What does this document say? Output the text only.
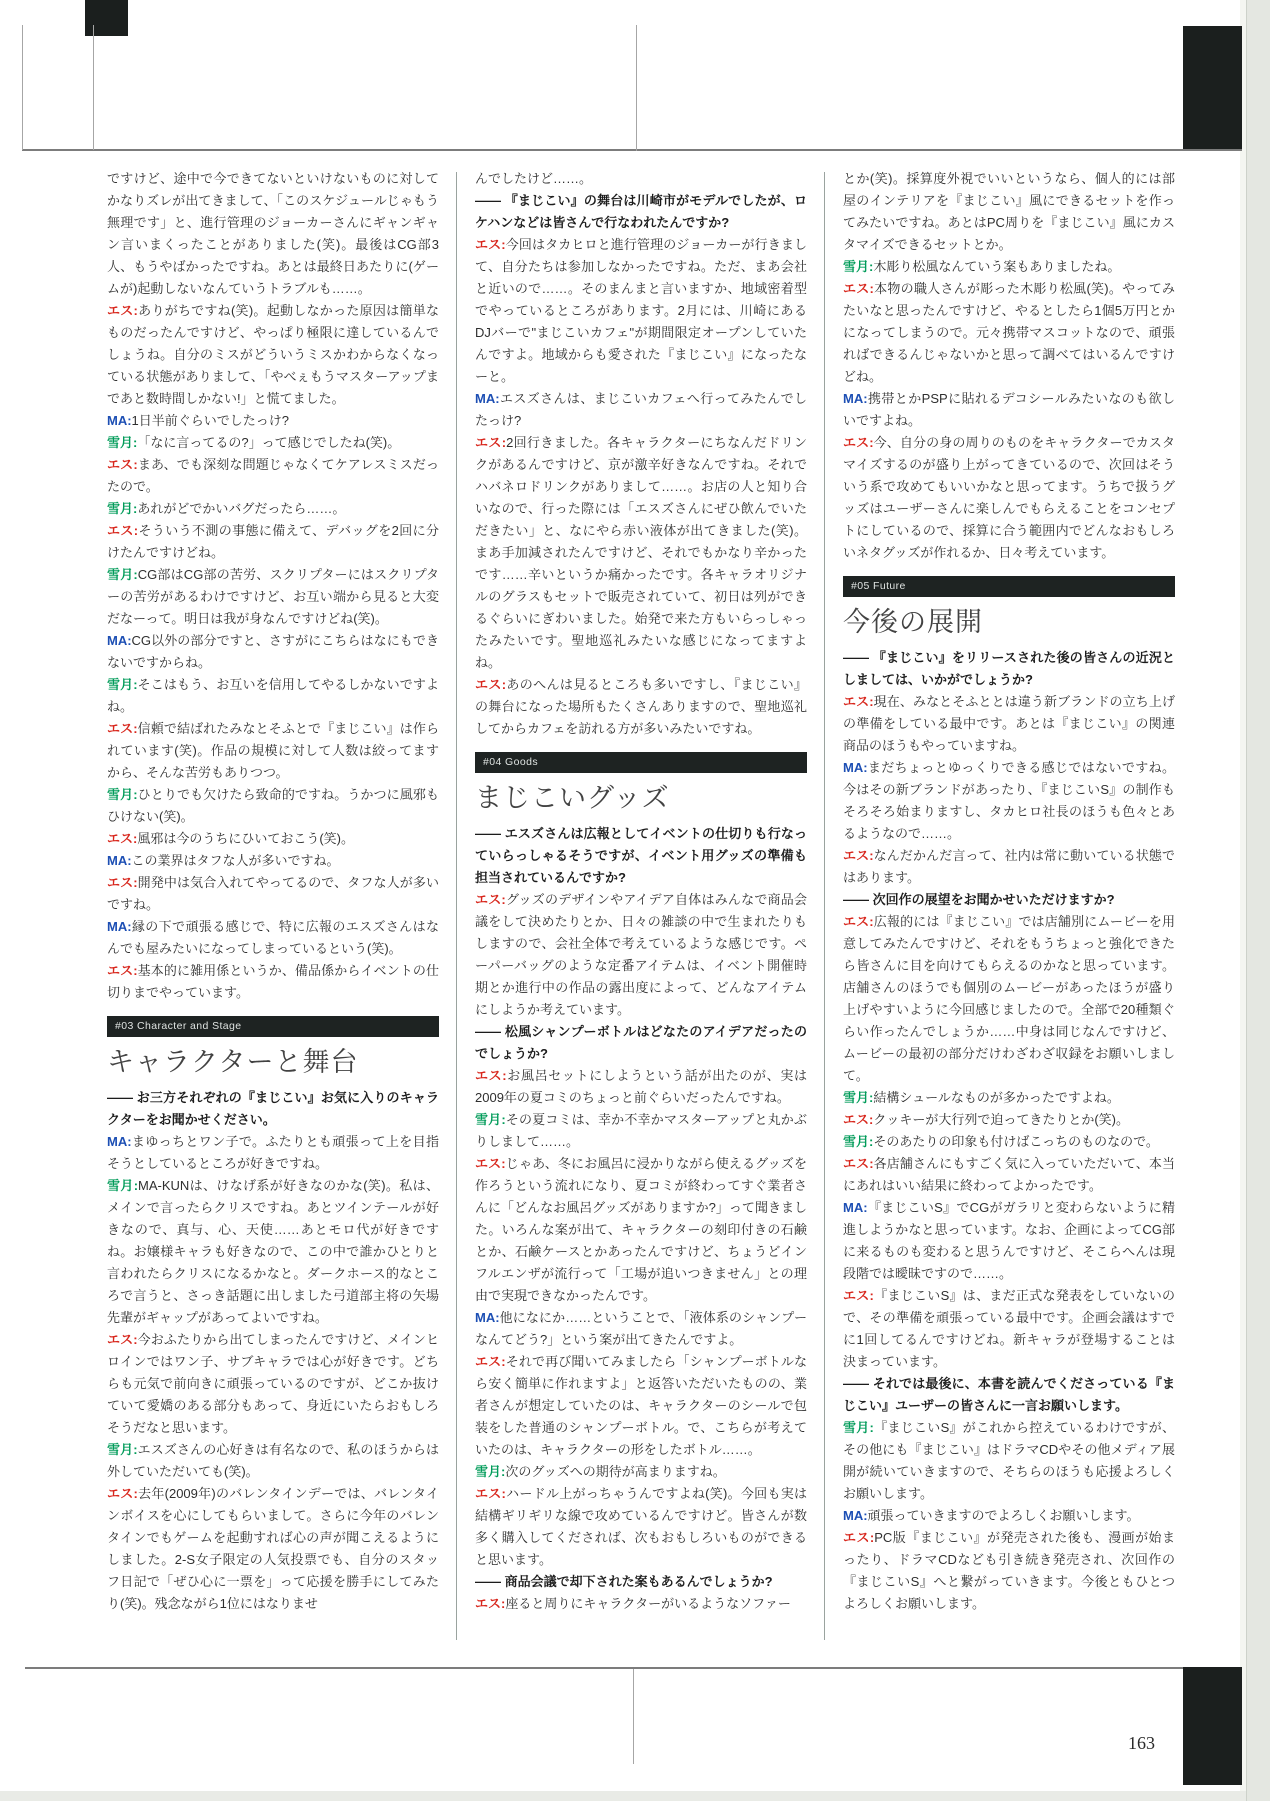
ですけど、途中で今できてないといけないものに対してかなりズレが出てきまして、「このスケジュールじゃもう無理です」と、進行管理のジョーカーさんにギャンギャン言いまくったことがありました(笑)。最後はCG部3人、もうやばかったですね。あとは最終日あたりに(ゲームが)起動しないなんていうトラブルも……。

エス:ありがちですね(笑)。起動しなかった原因は簡単なものだったんですけど、やっぱり極限に達しているんでしょうね。自分のミスがどういうミスかわからなくなっている状態がありまして、「やべぇもうマスターアップまであと数時間しかない!」と慌てました。

MA:1日半前ぐらいでしたっけ?

雪月:「なに言ってるの?」って感じでしたね(笑)。

エス:まあ、でも深刻な問題じゃなくてケアレスミスだったので。

雪月:あれがどでかいバグだったら……。

エス:そういう不測の事態に備えて、デバッグを2回に分けたんですけどね。

雪月:CG部はCG部の苦労、スクリプターにはスクリプターの苦労があるわけですけど、お互い端から見ると大変だなーって。明日は我が身なんですけどね(笑)。

MA:CG以外の部分ですと、さすがにこちらはなにもできないですからね。

雪月:そこはもう、お互いを信用してやるしかないですよね。

エス:信頼で結ばれたみなとそふとで『まじこい』は作られています(笑)。作品の規模に対して人数は絞ってますから、そんな苦労もありつつ。

雪月:ひとりでも欠けたら致命的ですね。うかつに風邪もひけない(笑)。

エス:風邪は今のうちにひいておこう(笑)。

MA:この業界はタフな人が多いですね。

エス:開発中は気合入れてやってるので、タフな人が多いですね。

MA:縁の下で頑張る感じで、特に広報のエスズさんはなんでも屋みたいになってしまっているという(笑)。

エス:基本的に雑用係というか、備品係からイベントの仕切りまでやっています。

#03 Character and Stage
キャラクターと舞台

―― お三方それぞれの『まじこい』お気に入りのキャラクターをお聞かせください。

MA:まゆっちとワン子で。ふたりとも頑張って上を目指そうとしているところが好きですね。

雪月:MA-KUNは、けなげ系が好きなのかな(笑)。私は、メインで言ったらクリスですね。あとツインテールが好きなので、真与、心、天使……あとモロ代が好きですね。お嬢様キャラも好きなので、この中で誰かひとりと言われたらクリスになるかなと。ダークホース的なところで言うと、さっき話題に出しました弓道部主将の矢場先輩がギャップがあってよいですね。

エス:今おふたりから出てしまったんですけど、メインヒロインではワン子、サブキャラでは心が好きです。どちらも元気で前向きに頑張っているのですが、どこか抜けていて愛嬌のある部分もあって、身近にいたらおもしろそうだなと思います。

雪月:エスズさんの心好きは有名なので、私のほうからは外していただいても(笑)。

エス:去年(2009年)のバレンタインデーでは、バレンタインボイスを心にしてもらいまして。さらに今年のバレンタインでもゲームを起動すれば心の声が聞こえるようにしました。2-S女子限定の人気投票でも、自分のスタッフ日記で「ぜひ心に一票を」って応援を勝手にしてみたり(笑)。残念ながら1位にはなりませ

んでしたけど……。

―― 『まじこい』の舞台は川崎市がモデルでしたが、ロケハンなどは皆さんで行なわれたんですか?

エス:今回はタカヒロと進行管理のジョーカーが行きまして、自分たちは参加しなかったですね。ただ、まあ会社と近いので……。そのまんまと言いますか、地域密着型でやっているところがあります。2月には、川崎にあるDJバーで"まじこいカフェ"が期間限定オープンしていたんですよ。地域からも愛された『まじこい』になったなーと。

MA:エスズさんは、まじこいカフェへ行ってみたんでしたっけ?

エス:2回行きました。各キャラクターにちなんだドリンクがあるんですけど、京が激辛好きなんですね。それでハバネロドリンクがありまして……。お店の人と知り合いなので、行った際には「エスズさんにぜひ飲んでいただきたい」と、なにやら赤い液体が出てきました(笑)。まあ手加減されたんですけど、それでもかなり辛かったです……辛いというか痛かったです。各キャラオリジナルのグラスもセットで販売されていて、初日は列ができるぐらいにぎわいました。始発で来た方もいらっしゃったみたいです。聖地巡礼みたいな感じになってますよね。

エス:あのへんは見るところも多いですし、『まじこい』の舞台になった場所もたくさんありますので、聖地巡礼してからカフェを訪れる方が多いみたいですね。

#04 Goods
まじこいグッズ

―― エスズさんは広報としてイベントの仕切りも行なっていらっしゃるそうですが、イベント用グッズの準備も担当されているんですか?

エス:グッズのデザインやアイデア自体はみんなで商品会議をして決めたりとか、日々の雑談の中で生まれたりもしますので、会社全体で考えているような感じです。ペーパーバッグのような定番アイテムは、イベント開催時期とか進行中の作品の露出度によって、どんなアイテムにしようか考えています。

―― 松風シャンプーボトルはどなたのアイデアだったのでしょうか?

エス:お風呂セットにしようという話が出たのが、実は2009年の夏コミのちょっと前ぐらいだったんですね。

雪月:その夏コミは、幸か不幸かマスターアップと丸かぶりしまして……。

エス:じゃあ、冬にお風呂に浸かりながら使えるグッズを作ろうという流れになり、夏コミが終わってすぐ業者さんに「どんなお風呂グッズがありますか?」って聞きました。いろんな案が出て、キャラクターの刻印付きの石鹸とか、石鹸ケースとかあったんですけど、ちょうどインフルエンザが流行って「工場が追いつきません」との理由で実現できなかったんです。

MA:他になにか……ということで、「液体系のシャンプーなんてどう?」という案が出てきたんですよ。

エス:それで再び聞いてみましたら「シャンプーボトルなら安く簡単に作れますよ」と返答いただいたものの、業者さんが想定していたのは、キャラクターのシールで包装をした普通のシャンプーボトル。で、こちらが考えていたのは、キャラクターの形をしたボトル……。

雪月:次のグッズへの期待が高まりますね。

エス:ハードル上がっちゃうんですよね(笑)。今回も実は結構ギリギリな線で攻めているんですけど。皆さんが数多く購入してくだされば、次もおもしろいものができると思います。

―― 商品会議で却下された案もあるんでしょうか?

エス:座ると周りにキャラクターがいるようなソファー

とか(笑)。採算度外視でいいというなら、個人的には部屋のインテリアを『まじこい』風にできるセットを作ってみたいですね。あとはPC周りを『まじこい』風にカスタマイズできるセットとか。

雪月:木彫り松風なんていう案もありましたね。

エス:本物の職人さんが彫った木彫り松風(笑)。やってみたいなと思ったんですけど、やるとしたら1個5万円とかになってしまうので。元々携帯マスコットなので、頑張ればできるんじゃないかと思って調べてはいるんですけどね。

MA:携帯とかPSPに貼れるデコシールみたいなのも欲しいですよね。

エス:今、自分の身の周りのものをキャラクターでカスタマイズするのが盛り上がってきているので、次回はそういう系で攻めてもいいかなと思ってます。うちで扱うグッズはユーザーさんに楽しんでもらえることをコンセプトにしているので、採算に合う範囲内でどんなおもしろいネタグッズが作れるか、日々考えています。

#05 Future
今後の展開

―― 『まじこい』をリリースされた後の皆さんの近況としましては、いかがでしょうか?

エス:現在、みなとそふととは違う新ブランドの立ち上げの準備をしている最中です。あとは『まじこい』の関連商品のほうもやっていますね。

MA:まだちょっとゆっくりできる感じではないですね。今はその新ブランドがあったり、『まじこいS』の制作もそろそろ始まりますし、タカヒロ社長のほうも色々とあるようなので……。

エス:なんだかんだ言って、社内は常に動いている状態ではあります。

―― 次回作の展望をお聞かせいただけますか?

エス:広報的には『まじこい』では店舗別にムービーを用意してみたんですけど、それをもうちょっと強化できたら皆さんに目を向けてもらえるのかなと思っています。店舗さんのほうでも個別のムービーがあったほうが盛り上げやすいように今回感じましたので。全部で20種類ぐらい作ったんでしょうか……中身は同じなんですけど、ムービーの最初の部分だけわざわざ収録をお願いしまして。

雪月:結構シュールなものが多かったですよね。

エス:クッキーが大行列で迫ってきたりとか(笑)。

雪月:そのあたりの印象も付けばこっちのものなので。

エス:各店舗さんにもすごく気に入っていただいて、本当にあれはいい結果に終わってよかったです。

MA:『まじこいS』でCGがガラリと変わらないように精進しようかなと思っています。なお、企画によってCG部に来るものも変わると思うんですけど、そこらへんは現段階では曖昧ですので……。

エス:『まじこいS』は、まだ正式な発表をしていないので、その準備を頑張っている最中です。企画会議はすでに1回してるんですけどね。新キャラが登場することは決まっています。

―― それでは最後に、本書を読んでくださっている『まじこい』ユーザーの皆さんに一言お願いします。

雪月:『まじこいS』がこれから控えているわけですが、その他にも『まじこい』はドラマCDやその他メディア展開が続いていきますので、そちらのほうも応援よろしくお願いします。

MA:頑張っていきますのでよろしくお願いします。

エス:PC版『まじこい』が発売された後も、漫画が始まったり、ドラマCDなども引き続き発売され、次回作の『まじこいS』へと繋がっていきます。今後ともひとつよろしくお願いします。

163
